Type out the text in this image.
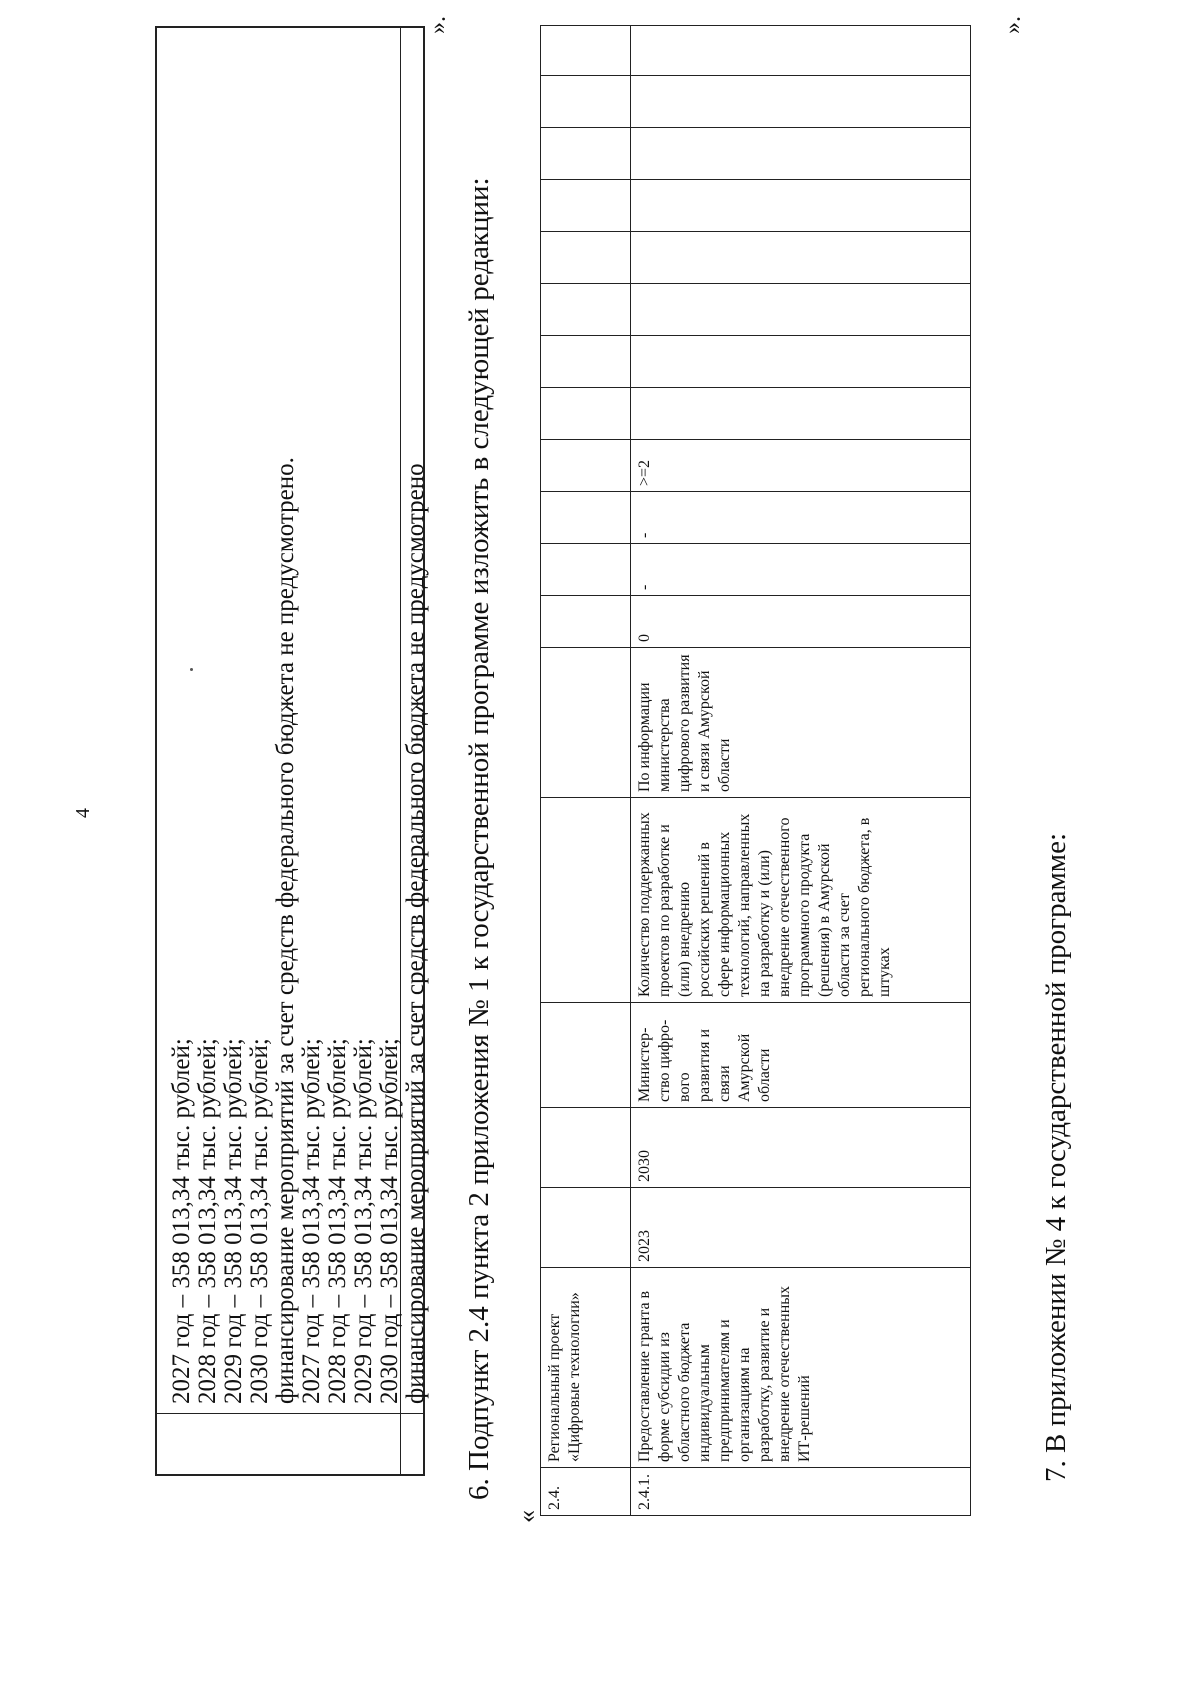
4
2027 год – 358 013,34 тыс. рублей; 2028 год – 358 013,34 тыс. рублей; 2029 год – 358 013,34 тыс. рублей; 2030 год – 358 013,34 тыс. рублей; финансирование мероприятий за счет средств федерального бюджета не предусмотрено. 2027 год – 358 013,34 тыс. рублей; 2028 год – 358 013,34 тыс. рублей; 2029 год – 358 013,34 тыс. рублей; 2030 год – 358 013,34 тыс. рублей; финансирование мероприятий за счет средств федерального бюджета не предусмотрено
».
6. Подпункт 2.4 пункта 2 приложения № 1 к государственной программе изложить в следующей редакции:
«
2.4.	Региональный проект «Цифровые технологии»																	
2.4.1.	Предоставление гранта в форме субсидии из областного бюджета индивидуальным предпринимателям и организациям на разработку, развитие и внедрение отечественных ИТ-решений	2023	2030	Министер-ство цифро-вого развития и связи Амурской области	Количество поддержанных проектов по разработке и (или) внедрению российских решений в сфере информационных технологий, направленных на разработку и (или) внедрение отечественного программного продукта (решения) в Амурской области за счет регионального бюджета, в штуках	По информации министерства цифрового развития и связи Амурской области	0	-	-	>=2								
».
7. В приложении № 4 к государственной программе:
